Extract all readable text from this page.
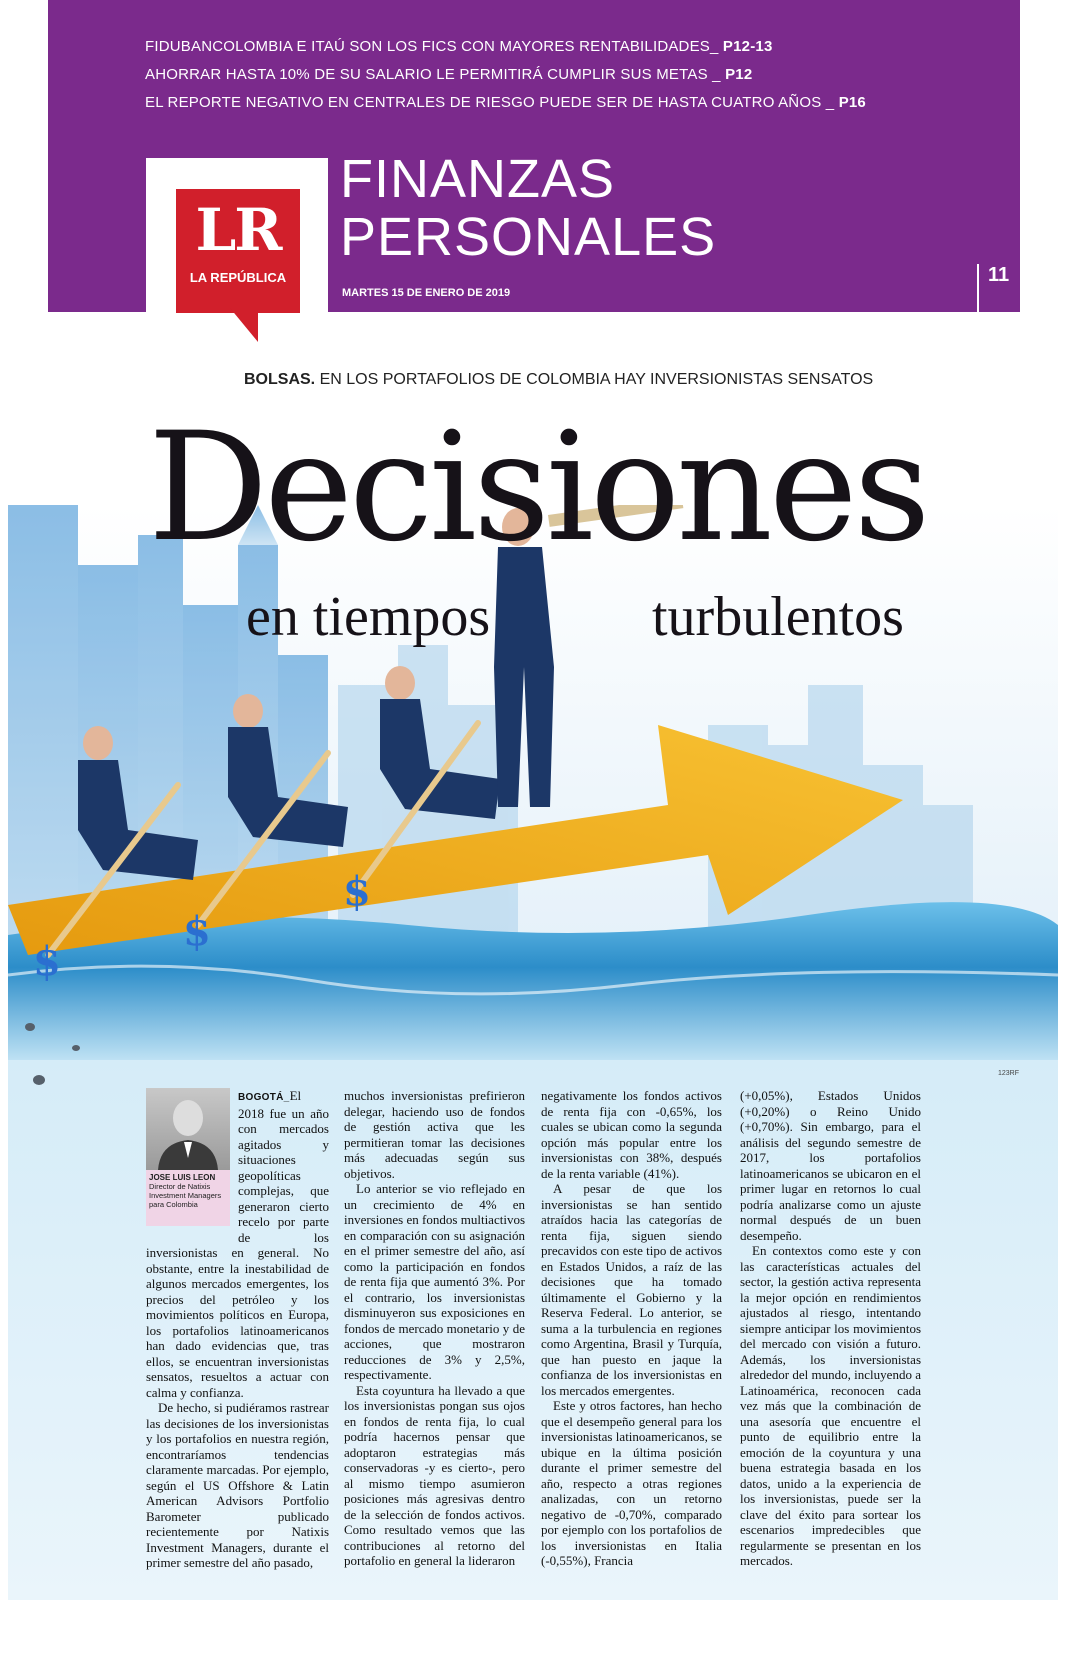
FIDUBANCOLOMBIA E ITAÚ SON LOS FICS CON MAYORES RENTABILIDADES_ P12-13
AHORRAR HASTA 10% DE SU SALARIO LE PERMITIRÁ CUMPLIR SUS METAS _ P12
EL REPORTE NEGATIVO EN CENTRALES DE RIESGO PUEDE SER DE HASTA CUATRO AÑOS _ P16
11
FINANZAS
PERSONALES
MARTES 15 DE ENERO DE 2019
LR
LA REPÚBLICA
BOLSAS. EN LOS PORTAFOLIOS DE COLOMBIA HAY INVERSIONISTAS SENSATOS
$
$
$
Decisiones
en tiempos	turbulentos
123RF
JOSE LUIS LEON
Director de Natixis Investment Managers para Colombia

BOGOTÁ_El 2018 fue un año con mercados agitados y situaciones geopolíticas complejas, que generaron cierto recelo por parte de los inversionistas en general. No obstante, entre la inestabilidad de algunos mercados emergentes, los precios del petróleo y los movimientos políticos en Europa, los portafolios latinoamericanos han dado evidencias que, tras ellos, se encuentran inversionistas sensatos, resueltos a actuar con calma y confianza.

De hecho, si pudiéramos rastrear las decisiones de los inversionistas y los portafolios en nuestra región, encontraríamos tendencias claramente marcadas. Por ejemplo, según el US Offshore & Latin American Advisors Portfolio Barometer publicado recientemente por Natixis Investment Managers, durante el primer semestre del año pasado,

muchos inversionistas prefirieron delegar, haciendo uso de fondos de gestión activa que les permitieran tomar las decisiones más adecuadas según sus objetivos.

Lo anterior se vio reflejado en un crecimiento de 4% en inversiones en fondos multiactivos en comparación con su asignación en el primer semestre del año, así como la participación en fondos de renta fija que aumentó 3%. Por el contrario, los inversionistas disminuyeron sus exposiciones en fondos de mercado monetario y de acciones, que mostraron reducciones de 3% y 2,5%, respectivamente.

Esta coyuntura ha llevado a que los inversionistas pongan sus ojos en fondos de renta fija, lo cual podría hacernos pensar que adoptaron estrategias más conservadoras -y es cierto-, pero al mismo tiempo asumieron posiciones más agresivas dentro de la selección de fondos activos. Como resultado vemos que las contribuciones al retorno del portafolio en general la lideraron

negativamente los fondos activos de renta fija con -0,65%, los cuales se ubican como la segunda opción más popular entre los inversionistas con 38%, después de la renta variable (41%).

A pesar de que los inversionistas se han sentido atraídos hacia las categorías de renta fija, siguen siendo precavidos con este tipo de activos en Estados Unidos, a raíz de las decisiones que ha tomado últimamente el Gobierno y la Reserva Federal. Lo anterior, se suma a la turbulencia en regiones como Argentina, Brasil y Turquía, que han puesto en jaque la confianza de los inversionistas en los mercados emergentes.

Este y otros factores, han hecho que el desempeño general para los inversionistas latinoamericanos, se ubique en la última posición durante el primer semestre del año, respecto a otras regiones analizadas, con un retorno negativo de -0,70%, comparado por ejemplo con los portafolios de los inversionistas en Italia (-0,55%), Francia

(+0,05%), Estados Unidos (+0,20%) o Reino Unido (+0,70%). Sin embargo, para el análisis del segundo semestre de 2017, los portafolios latinoamericanos se ubicaron en el primer lugar en retornos lo cual podría analizarse como un ajuste normal después de un buen desempeño.

En contextos como este y con las características actuales del sector, la gestión activa representa la mejor opción en rendimientos ajustados al riesgo, intentando siempre anticipar los movimientos del mercado con visión a futuro. Además, los inversionistas alrededor del mundo, incluyendo a Latinoamérica, reconocen cada vez más que la combinación de una asesoría que encuentre el punto de equilibrio entre la emoción de la coyuntura y una buena estrategia basada en los datos, unido a la experiencia de los inversionistas, puede ser la clave del éxito para sortear los escenarios impredecibles que regularmente se presentan en los mercados.
